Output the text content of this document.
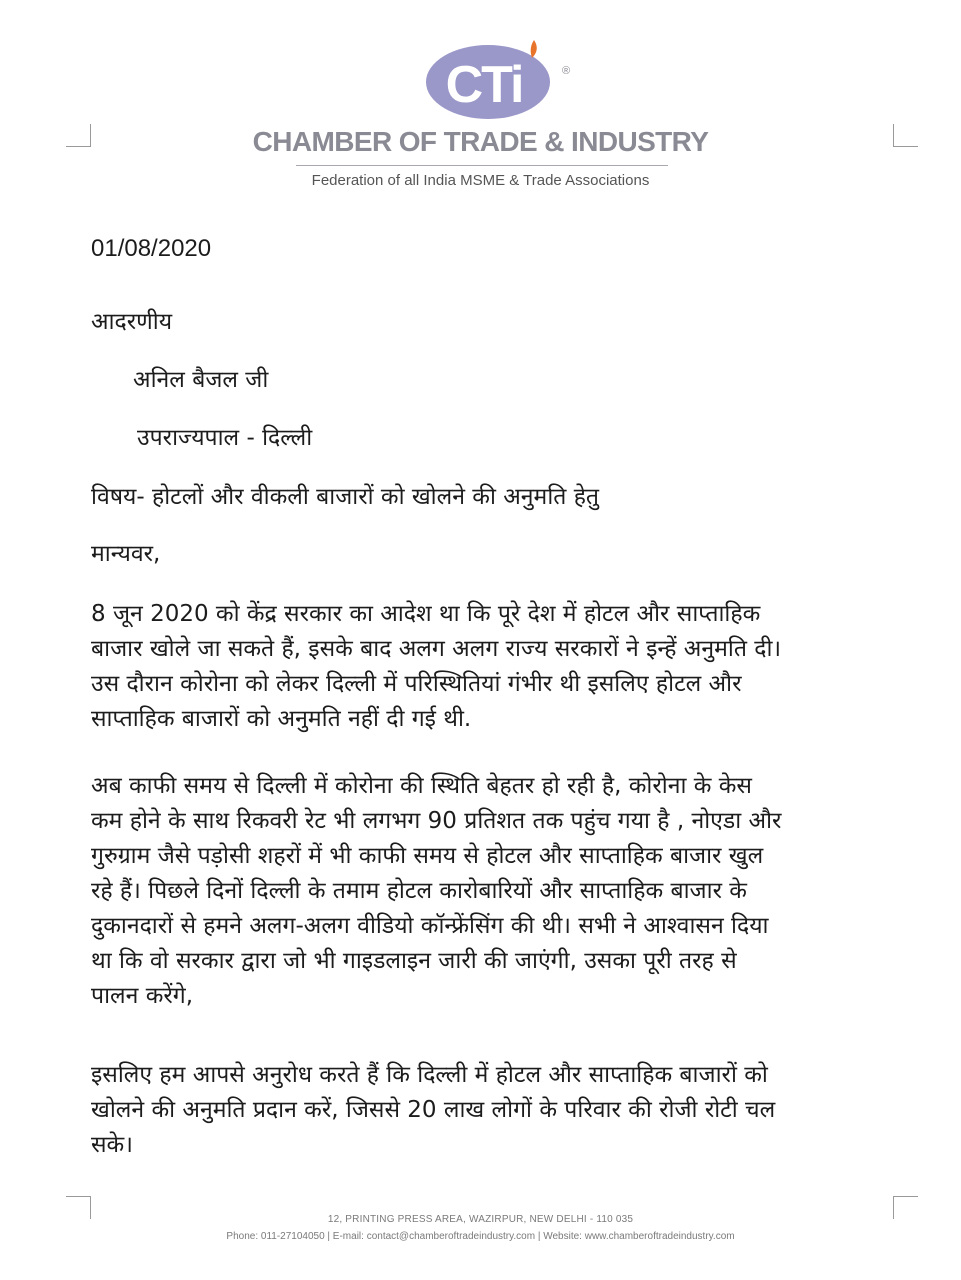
CTi	®
CHAMBER OF TRADE & INDUSTRY
Federation of all India MSME & Trade Associations
01/08/2020
आदरणीय
अनिल बैजल जी
उपराज्यपाल - दिल्ली
विषय- होटलों और वीकली बाजारों को खोलने की अनुमति हेतु
मान्यवर,

8 जून 2020 को केंद्र सरकार का आदेश था कि पूरे देश में होटल और साप्ताहिक
बाजार खोले जा सकते हैं, इसके बाद अलग अलग राज्य सरकारों ने इन्हें अनुमति दी।
उस दौरान कोरोना को लेकर दिल्ली में परिस्थितियां गंभीर थी इसलिए होटल और
साप्ताहिक बाजारों को अनुमति नहीं दी गई थी.

अब काफी समय से दिल्ली में कोरोना की स्थिति बेहतर हो रही है, कोरोना के केस
कम होने के साथ रिकवरी रेट भी लगभग 90 प्रतिशत तक पहुंच गया है , नोएडा और
गुरुग्राम जैसे पड़ोसी शहरों में भी काफी समय से होटल और साप्ताहिक बाजार खुल
रहे हैं। पिछले दिनों दिल्ली के तमाम होटल कारोबारियों और साप्ताहिक बाजार के
दुकानदारों से हमने अलग-अलग वीडियो कॉन्फ्रेंसिंग की थी। सभी ने आश्वासन दिया
था कि वो सरकार द्वारा जो भी गाइडलाइन जारी की जाएंगी, उसका पूरी तरह से
पालन करेंगे,

इसलिए हम आपसे अनुरोध करते हैं कि दिल्ली में होटल और साप्ताहिक बाजारों को
खोलने की अनुमति प्रदान करें, जिससे 20 लाख लोगों के परिवार की रोजी रोटी चल
सके।

12, PRINTING PRESS AREA, WAZIRPUR, NEW DELHI - 110 035
Phone: 011-27104050 | E-mail: contact@chamberoftradeindustry.com | Website: www.chamberoftradeindustry.com
